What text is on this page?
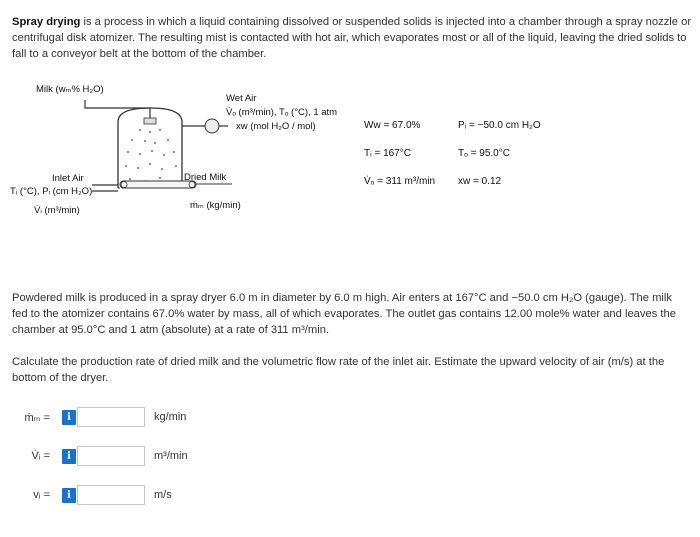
Spray drying is a process in which a liquid containing dissolved or suspended solids is injected into a chamber through a spray nozzle or centrifugal disk atomizer. The resulting mist is contacted with hot air, which evaporates most or all of the liquid, leaving the dried solids to fall to a conveyor belt at the bottom of the chamber.
Milk (wₘ% H₂O)
Wet Air
V̇ₒ (m³/min), Tₒ (°C), 1 atm
xw (mol H₂O / mol)
Inlet Air
Tᵢ (°C), Pᵢ (cm H₂O)
V̇ᵢ (m³/min)
Dried Milk
ṁₘ (kg/min)
Ww = 67.0%	Pᵢ = −50.0 cm H₂O
Tᵢ = 167°C	Tₒ = 95.0°C
V̇ₒ = 311 m³/min xw = 0.12
Powdered milk is produced in a spray dryer 6.0 m in diameter by 6.0 m high. Air enters at 167°C and −50.0 cm H₂O (gauge). The milk fed to the atomizer contains 67.0% water by mass, all of which evaporates. The outlet gas contains 12.00 mole% water and leaves the chamber at 95.0°C and 1 atm (absolute) at a rate of 311 m³/min.
Calculate the production rate of dried milk and the volumetric flow rate of the inlet air. Estimate the upward velocity of air (m/s) at the bottom of the dryer.
ṁₘ =	i	kg/min
V̇ᵢ =	i	m³/min
vᵢ =	i	m/s
